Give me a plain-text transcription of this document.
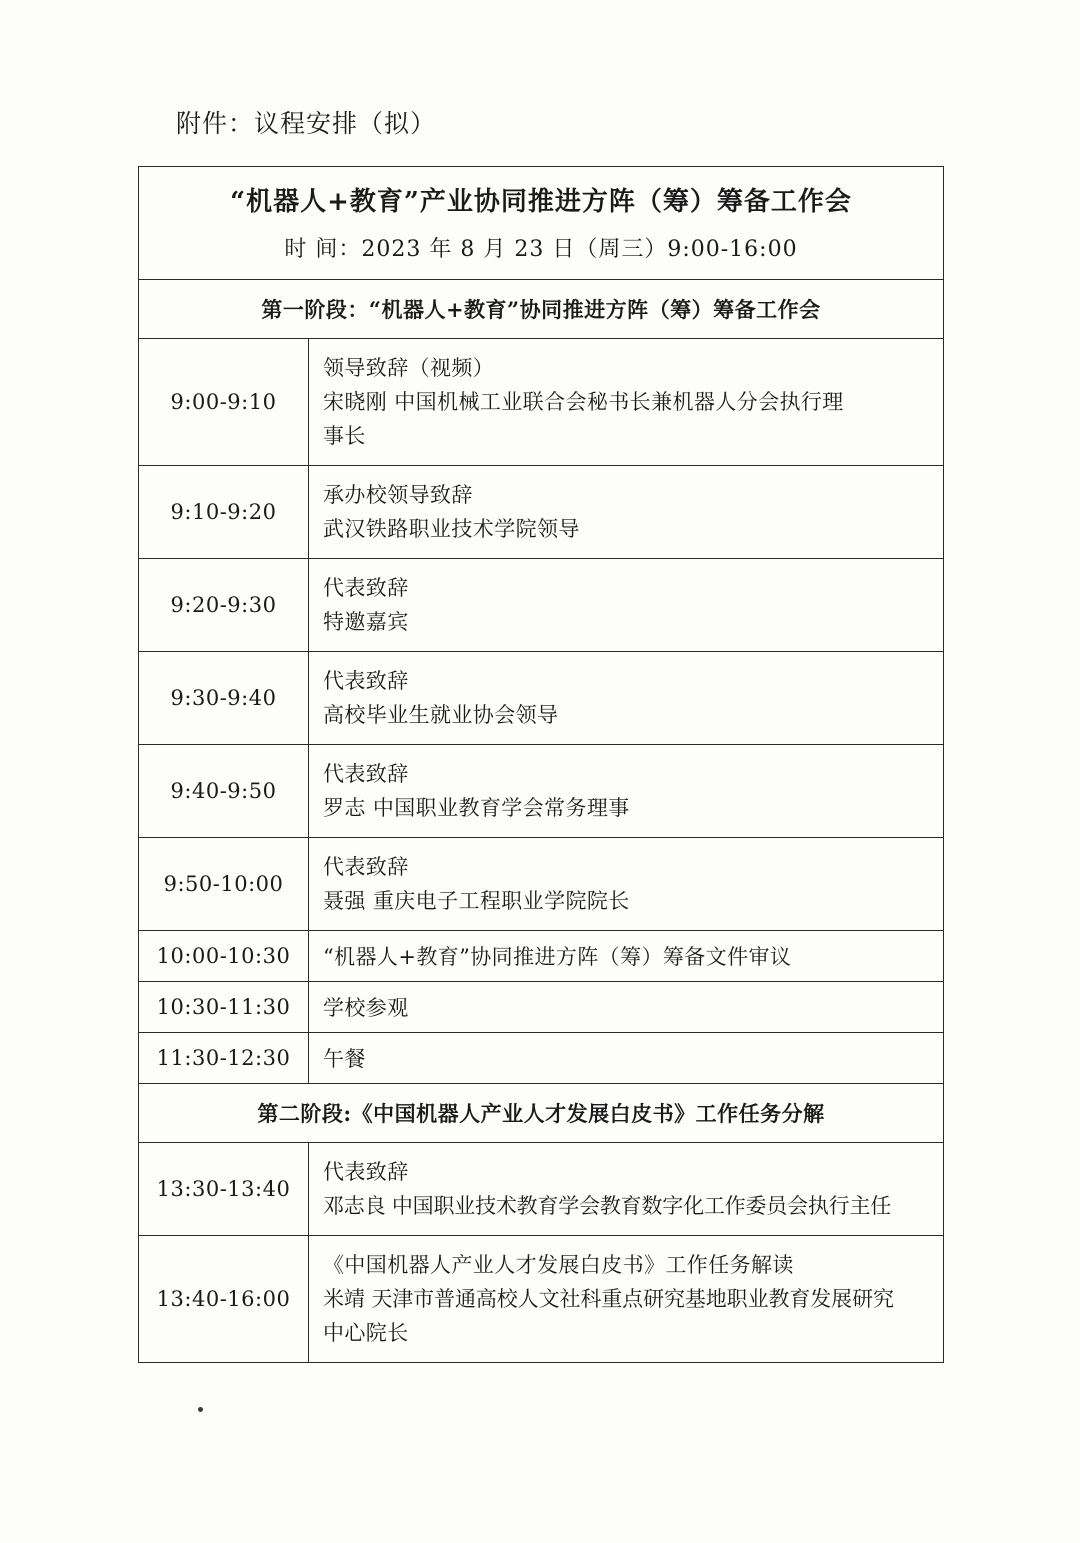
附件：议程安排（拟）
“机器人+教育”产业协同推进方阵（筹）筹备工作会	
时 间：2023 年 8 月 23 日（周三）9:00-16:00	
第一阶段：“机器人+教育”协同推进方阵（筹）筹备工作会	
9:00-9:10	领导致辞（视频）
宋晓刚 中国机械工业联合会秘书长兼机器人分会执行理
事长

9:10-9:20	承办校领导致辞
武汉铁路职业技术学院领导

9:20-9:30	代表致辞
特邀嘉宾

9:30-9:40	代表致辞
高校毕业生就业协会领导

9:40-9:50	代表致辞
罗志 中国职业教育学会常务理事

9:50-10:00	代表致辞
聂强 重庆电子工程职业学院院长

10:00-10:30	“机器人+教育”协同推进方阵（筹）筹备文件审议
10:30-11:30	学校参观
11:30-12:30	午餐
第二阶段:《中国机器人产业人才发展白皮书》工作任务分解	
13:30-13:40	代表致辞
邓志良 中国职业技术教育学会教育数字化工作委员会执行主任

13:40-16:00	《中国机器人产业人才发展白皮书》工作任务解读
米靖 天津市普通高校人文社科重点研究基地职业教育发展研究
中心院长
